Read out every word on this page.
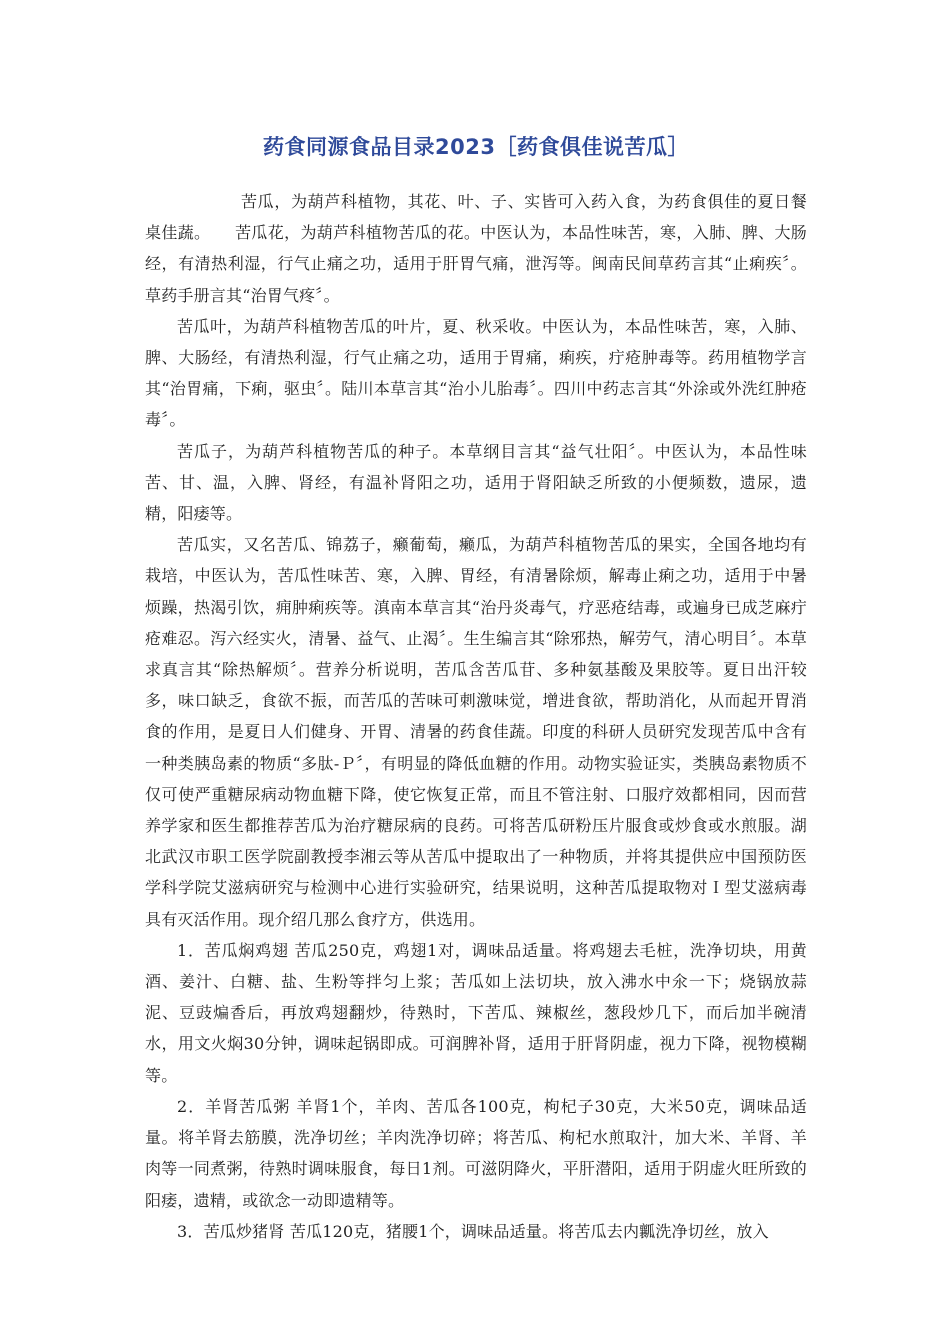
药食同源食品目录2023［药食俱佳说苦瓜］

苦瓜，为葫芦科植物，其花、叶、子、实皆可入药入食，为药食俱佳的夏日餐桌佳蔬。　　苦瓜花，为葫芦科植物苦瓜的花。中医认为，本品性味苦，寒，入肺、脾、大肠经，有清热利湿，行气止痛之功，适用于肝胃气痛，泄泻等。闽南民间草药言其“止痢疾〞。草药手册言其“治胃气疼〞。

苦瓜叶，为葫芦科植物苦瓜的叶片，夏、秋采收。中医认为，本品性味苦，寒，入肺、脾、大肠经，有清热利湿，行气止痛之功，适用于胃痛，痢疾，疔疮肿毒等。药用植物学言其“治胃痛，下痢，驱虫〞。陆川本草言其“治小儿胎毒〞。四川中药志言其“外涂或外洗红肿疮毒〞。

苦瓜子，为葫芦科植物苦瓜的种子。本草纲目言其“益气壮阳〞。中医认为，本品性味苦、甘、温，入脾、肾经，有温补肾阳之功，适用于肾阳缺乏所致的小便频数，遗尿，遗精，阳痿等。

苦瓜实，又名苦瓜、锦荔子，癞葡萄，癞瓜，为葫芦科植物苦瓜的果实，全国各地均有栽培，中医认为，苦瓜性味苦、寒，入脾、胃经，有清暑除烦，解毒止痢之功，适用于中暑烦躁，热渴引饮，痈肿痢疾等。滇南本草言其“治丹炎毒气，疗恶疮结毒，或遍身已成芝麻疔疮难忍。泻六经实火，清暑、益气、止渴〞。生生编言其“除邪热，解劳气，清心明目〞。本草求真言其“除热解烦〞。营养分析说明，苦瓜含苦瓜苷、多种氨基酸及果胶等。夏日出汗较多，味口缺乏，食欲不振，而苦瓜的苦味可刺激味觉，增进食欲，帮助消化，从而起开胃消食的作用，是夏日人们健身、开胃、清暑的药食佳蔬。印度的科研人员研究发现苦瓜中含有一种类胰岛素的物质“多肽-Ｐ〞，有明显的降低血糖的作用。动物实验证实，类胰岛素物质不仅可使严重糖尿病动物血糖下降，使它恢复正常，而且不管注射、口服疗效都相同，因而营养学家和医生都推荐苦瓜为治疗糖尿病的良药。可将苦瓜研粉压片服食或炒食或水煎服。湖北武汉市职工医学院副教授李湘云等从苦瓜中提取出了一种物质，并将其提供应中国预防医学科学院艾滋病研究与检测中心进行实验研究，结果说明，这种苦瓜提取物对Ｉ型艾滋病毒具有灭活作用。现介绍几那么食疗方，供选用。

1．苦瓜焖鸡翅 苦瓜250克，鸡翅1对，调味品适量。将鸡翅去毛桩，洗净切块，用黄酒、姜汁、白糖、盐、生粉等拌匀上浆；苦瓜如上法切块，放入沸水中氽一下；烧锅放蒜泥、豆豉煸香后，再放鸡翅翻炒，待熟时，下苦瓜、辣椒丝，葱段炒几下，而后加半碗清水，用文火焖30分钟，调味起锅即成。可润脾补肾，适用于肝肾阴虚，视力下降，视物模糊等。

2．羊肾苦瓜粥 羊肾1个，羊肉、苦瓜各100克，枸杞子30克，大米50克，调味品适量。将羊肾去筋膜，洗净切丝；羊肉洗净切碎；将苦瓜、枸杞水煎取汁，加大米、羊肾、羊肉等一同煮粥，待熟时调味服食，每日1剂。可滋阴降火，平肝潜阳，适用于阴虚火旺所致的阳痿，遗精，或欲念一动即遗精等。

3．苦瓜炒猪肾 苦瓜120克，猪腰1个，调味品适量。将苦瓜去内瓤洗净切丝，放入
